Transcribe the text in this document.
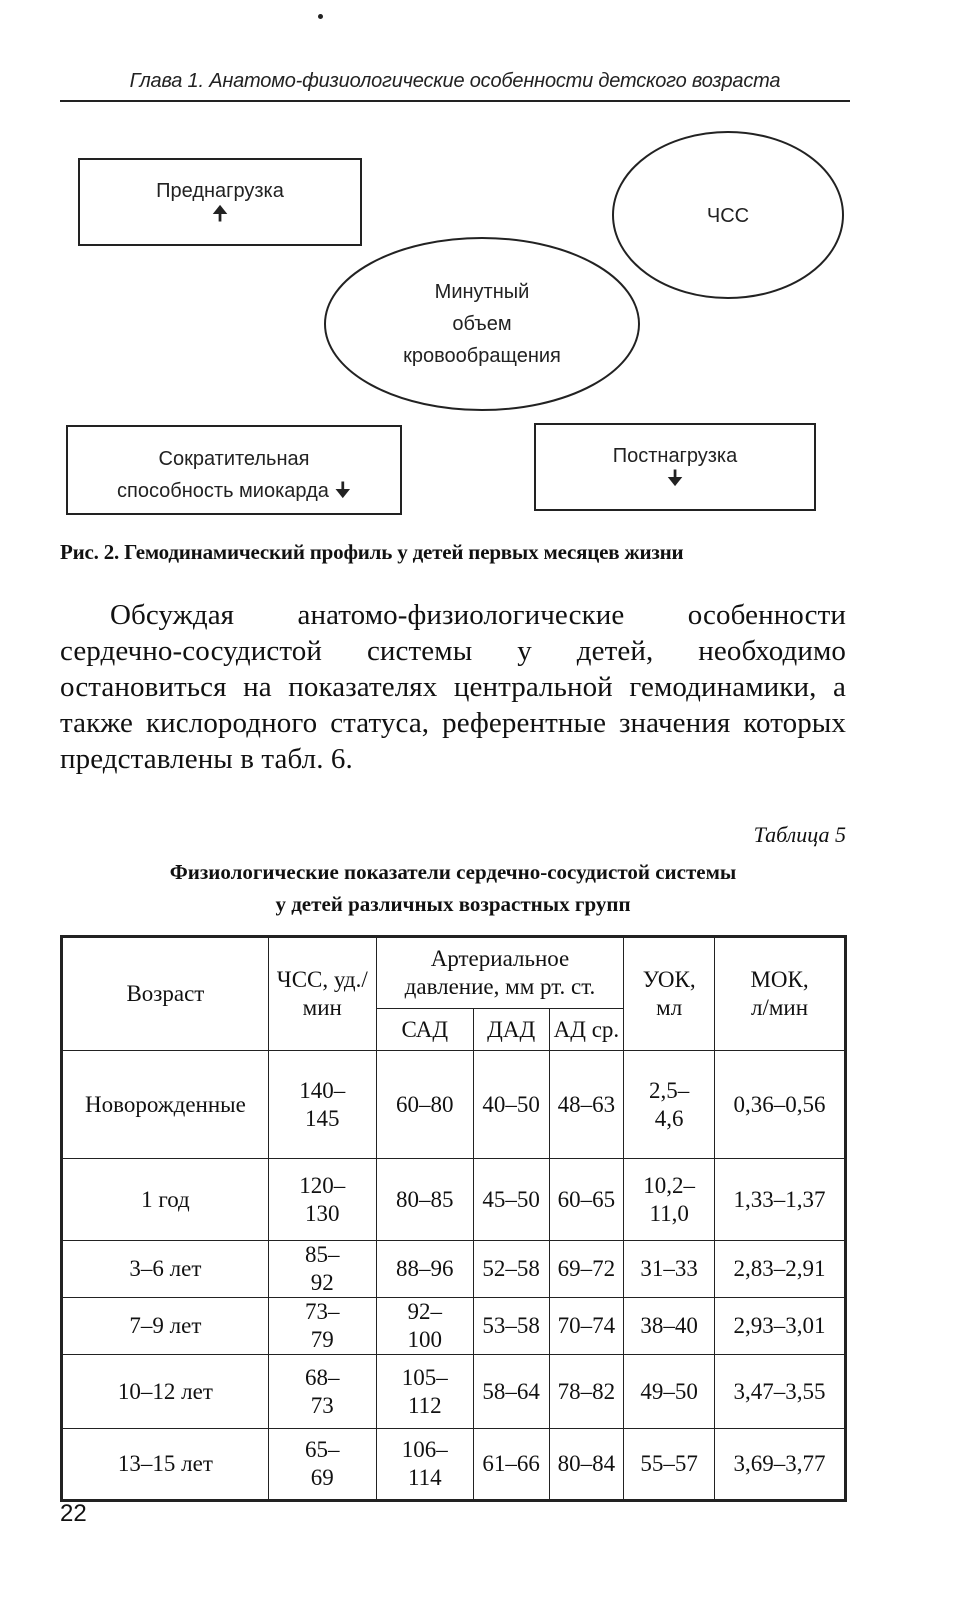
Глава 1. Анатомо-физиологические особенности детского возраста
Преднагрузка
🠉	ЧСС
Минутный
объем
кровообращения
Сократительная
способность миокарда 🠋
Постнагрузка
🠋
Рис. 2. Гемодинамический профиль у детей первых месяцев жизни
Обсуждая анатомо-физиологические особенности сердечно-сосудистой системы у детей, необходимо остановиться на показателях центральной гемодинамики, а также кислородного статуса, референтные значения которых представлены в табл. 6.
Таблица 5
Физиологические показатели сердечно-сосудистой системы
у детей различных возрастных групп
Возраст	ЧСС, уд./мин	Артериальное давление, мм рт. ст.			УОК, мл	МОК, л/мин
		САД	ДАД	АД ср.		
Новорожденные	140–145	60–80	40–50	48–63	2,5–4,6	0,36–0,56
1 год	120–130	80–85	45–50	60–65	10,2–11,0	1,33–1,37
3–6 лет	85–92	88–96	52–58	69–72	31–33	2,83–2,91
7–9 лет	73–79	92–100	53–58	70–74	38–40	2,93–3,01
10–12 лет	68–73	105–112	58–64	78–82	49–50	3,47–3,55
13–15 лет	65–69	106–114	61–66	80–84	55–57	3,69–3,77
22
